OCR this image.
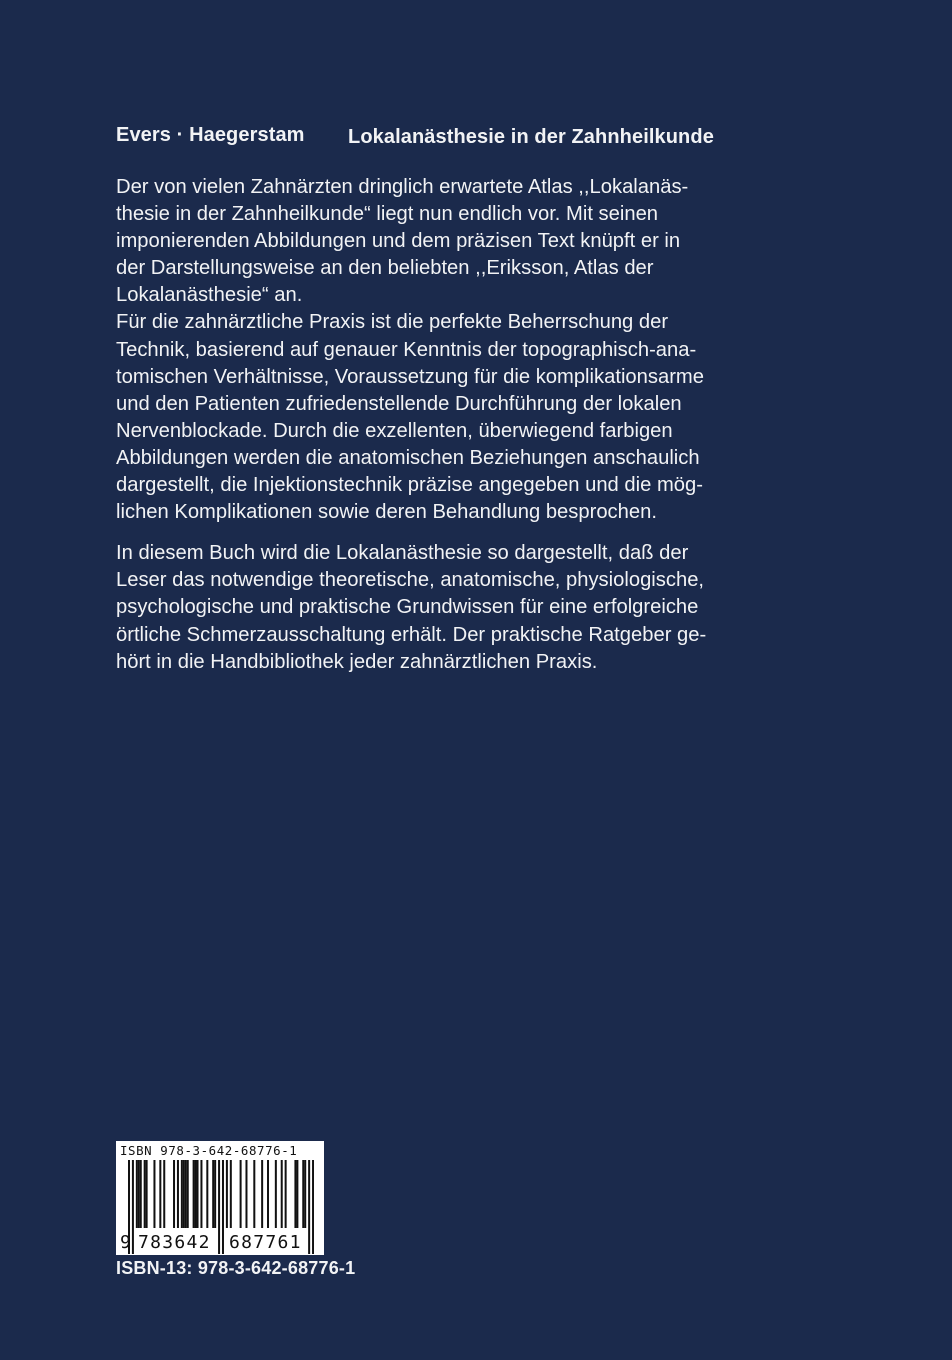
Evers · Haegerstam Lokalanästhesie in der Zahnheilkunde
Der von vielen Zahnärzten dringlich erwartete Atlas ,,Lokalanäs-
thesie in der Zahnheilkunde“ liegt nun endlich vor. Mit seinen
imponierenden Abbildungen und dem präzisen Text knüpft er in
der Darstellungsweise an den beliebten ,,Eriksson, Atlas der
Lokalanästhesie“ an.
Für die zahnärztliche Praxis ist die perfekte Beherrschung der
Technik, basierend auf genauer Kenntnis der topographisch-ana-
tomischen Verhältnisse, Voraussetzung für die komplikationsarme
und den Patienten zufriedenstellende Durchführung der lokalen
Nervenblockade. Durch die exzellenten, überwiegend farbigen
Abbildungen werden die anatomischen Beziehungen anschaulich
dargestellt, die Injektionstechnik präzise angegeben und die mög-
lichen Komplikationen sowie deren Behandlung besprochen.
In diesem Buch wird die Lokalanästhesie so dargestellt, daß der
Leser das notwendige theoretische, anatomische, physiologische,
psychologische und praktische Grundwissen für eine erfolgreiche
örtliche Schmerzausschaltung erhält. Der praktische Ratgeber ge-
hört in die Handbibliothek jeder zahnärztlichen Praxis.
ISBN 978-3-642-68776-1
9 783642 687761
ISBN-13: 978-3-642-68776-1
